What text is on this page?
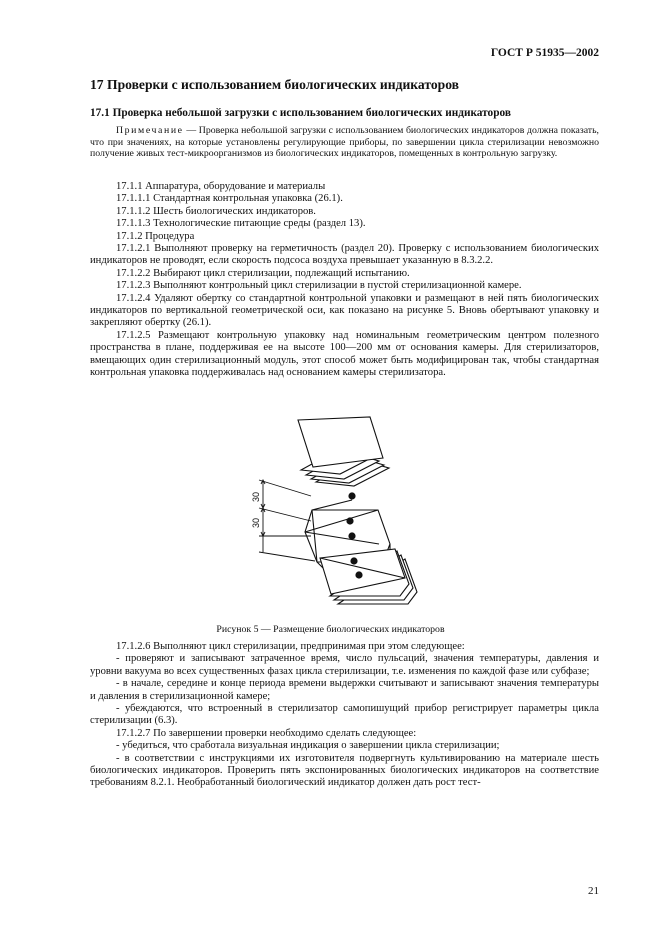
ГОСТ Р 51935—2002
17 Проверки с использованием биологических индикаторов
17.1 Проверка небольшой загрузки с использованием биологических индикаторов

Примечание — Проверка небольшой загрузки с использованием биологических индикаторов должна показать, что при значениях, на которые установлены регулирующие приборы, по завершении цикла стерилизации невозможно получение живых тест-микроорганизмов из биологических индикаторов, помещенных в контрольную загрузку.

17.1.1 Аппаратура, оборудование и материалы

17.1.1.1 Стандартная контрольная упаковка (26.1).

17.1.1.2 Шесть биологических индикаторов.

17.1.1.3 Технологические питающие среды (раздел 13).

17.1.2 Процедура

17.1.2.1 Выполняют проверку на герметичность (раздел 20). Проверку с использованием биологических индикаторов не проводят, если скорость подсоса воздуха превышает указанную в 8.3.2.2.

17.1.2.2 Выбирают цикл стерилизации, подлежащий испытанию.

17.1.2.3 Выполняют контрольный цикл стерилизации в пустой стерилизационной камере.

17.1.2.4 Удаляют обертку со стандартной контрольной упаковки и размещают в ней пять биологических индикаторов по вертикальной геометрической оси, как показано на рисунке 5. Вновь обертывают упаковку и закрепляют обертку (26.1).

17.1.2.5 Размещают контрольную упаковку над номинальным геометрическим центром полезного пространства в плане, поддерживая ее на высоте 100—200 мм от основания камеры. Для стерилизаторов, вмещающих один стерилизационный модуль, этот способ может быть модифицирован так, чтобы стандартная контрольная упаковка поддерживалась над основанием камеры стерилизатора.

30
30
Рисунок 5 — Размещение биологических индикаторов

17.1.2.6 Выполняют цикл стерилизации, предпринимая при этом следующее:

- проверяют и записывают затраченное время, число пульсаций, значения температуры, давления и уровни вакуума во всех существенных фазах цикла стерилизации, т.е. изменения по каждой фазе или субфазе;

- в начале, середине и конце периода времени выдержки считывают и записывают значения температуры и давления в стерилизационной камере;

- убеждаются, что встроенный в стерилизатор самопишущий прибор регистрирует параметры цикла стерилизации (6.3).

17.1.2.7 По завершении проверки необходимо сделать следующее:

- убедиться, что сработала визуальная индикация о завершении цикла стерилизации;

- в соответствии с инструкциями их изготовителя подвергнуть культивированию на материале шесть биологических индикаторов. Проверить пять экспонированных биологических индикаторов на соответствие требованиям 8.2.1. Необработанный биологический индикатор должен дать рост тест-

21
